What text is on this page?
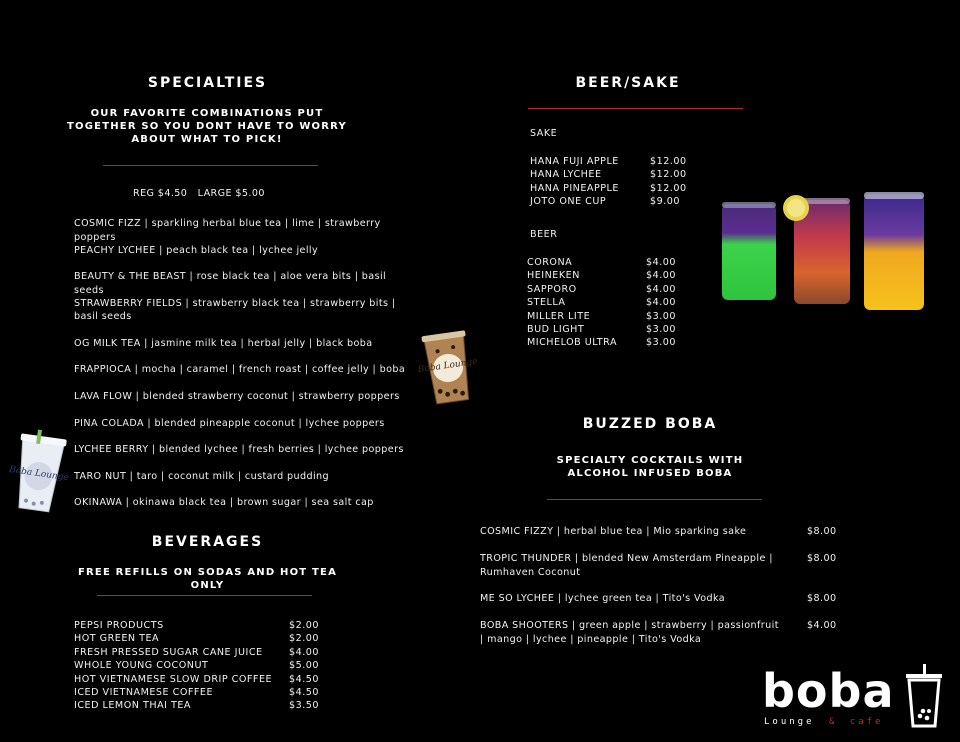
SPECIALTIES
OUR FAVORITE COMBINATIONS PUT TOGETHER SO YOU DONT HAVE TO WORRY ABOUT WHAT TO PICK!
REG $4.50   LARGE $5.00
COSMIC FIZZ | sparkling herbal blue tea | lime | strawberry poppers
PEACHY LYCHEE | peach black tea | lychee jelly
BEAUTY & THE BEAST | rose black tea | aloe vera bits | basil seeds
STRAWBERRY FIELDS | strawberry black tea | strawberry bits | basil seeds
OG MILK TEA | jasmine milk tea | herbal jelly | black boba
FRAPPIOCA | mocha | caramel | french roast | coffee jelly | boba
LAVA FLOW | blended strawberry coconut | strawberry poppers
PINA COLADA | blended pineapple coconut | lychee poppers
LYCHEE BERRY | blended lychee | fresh berries | lychee poppers
TARO NUT | taro | coconut milk | custard pudding
OKINAWA | okinawa black tea | brown sugar | sea salt cap
Boba Lounge
Boba Lounge
BEVERAGES
FREE REFILLS ON SODAS AND HOT TEA ONLY
PEPSI PRODUCTS	$2.00
HOT GREEN TEA	$2.00
FRESH PRESSED SUGAR CANE JUICE	$4.00
WHOLE YOUNG COCONUT	$5.00
HOT VIETNAMESE SLOW DRIP COFFEE $4.50
ICED VIETNAMESE COFFEE	$4.50
ICED LEMON THAI TEA	$3.50
BEER/SAKE
SAKE
HANA FUJI APPLE	$12.00
HANA LYCHEE	$12.00
HANA PINEAPPLE	$12.00
JOTO ONE CUP	$9.00
BEER
CORONA	$4.00
HEINEKEN	$4.00
SAPPORO	$4.00
STELLA	$4.00
MILLER LITE	$3.00
BUD LIGHT	$3.00
MICHELOB ULTRA	$3.00
BUZZED BOBA
SPECIALTY COCKTAILS WITH ALCOHOL INFUSED BOBA
COSMIC FIZZY | herbal blue tea | Mio sparking sake	$8.00
TROPIC THUNDER | blended New Amsterdam Pineapple | Rumhaven Coconut
$8.00
ME SO LYCHEE | lychee green tea | Tito's Vodka	$8.00
BOBA SHOOTERS | green apple | strawberry | passionfruit | mango | lychee | pineapple | Tito's Vodka
$4.00
boba
Lounge & cafe
